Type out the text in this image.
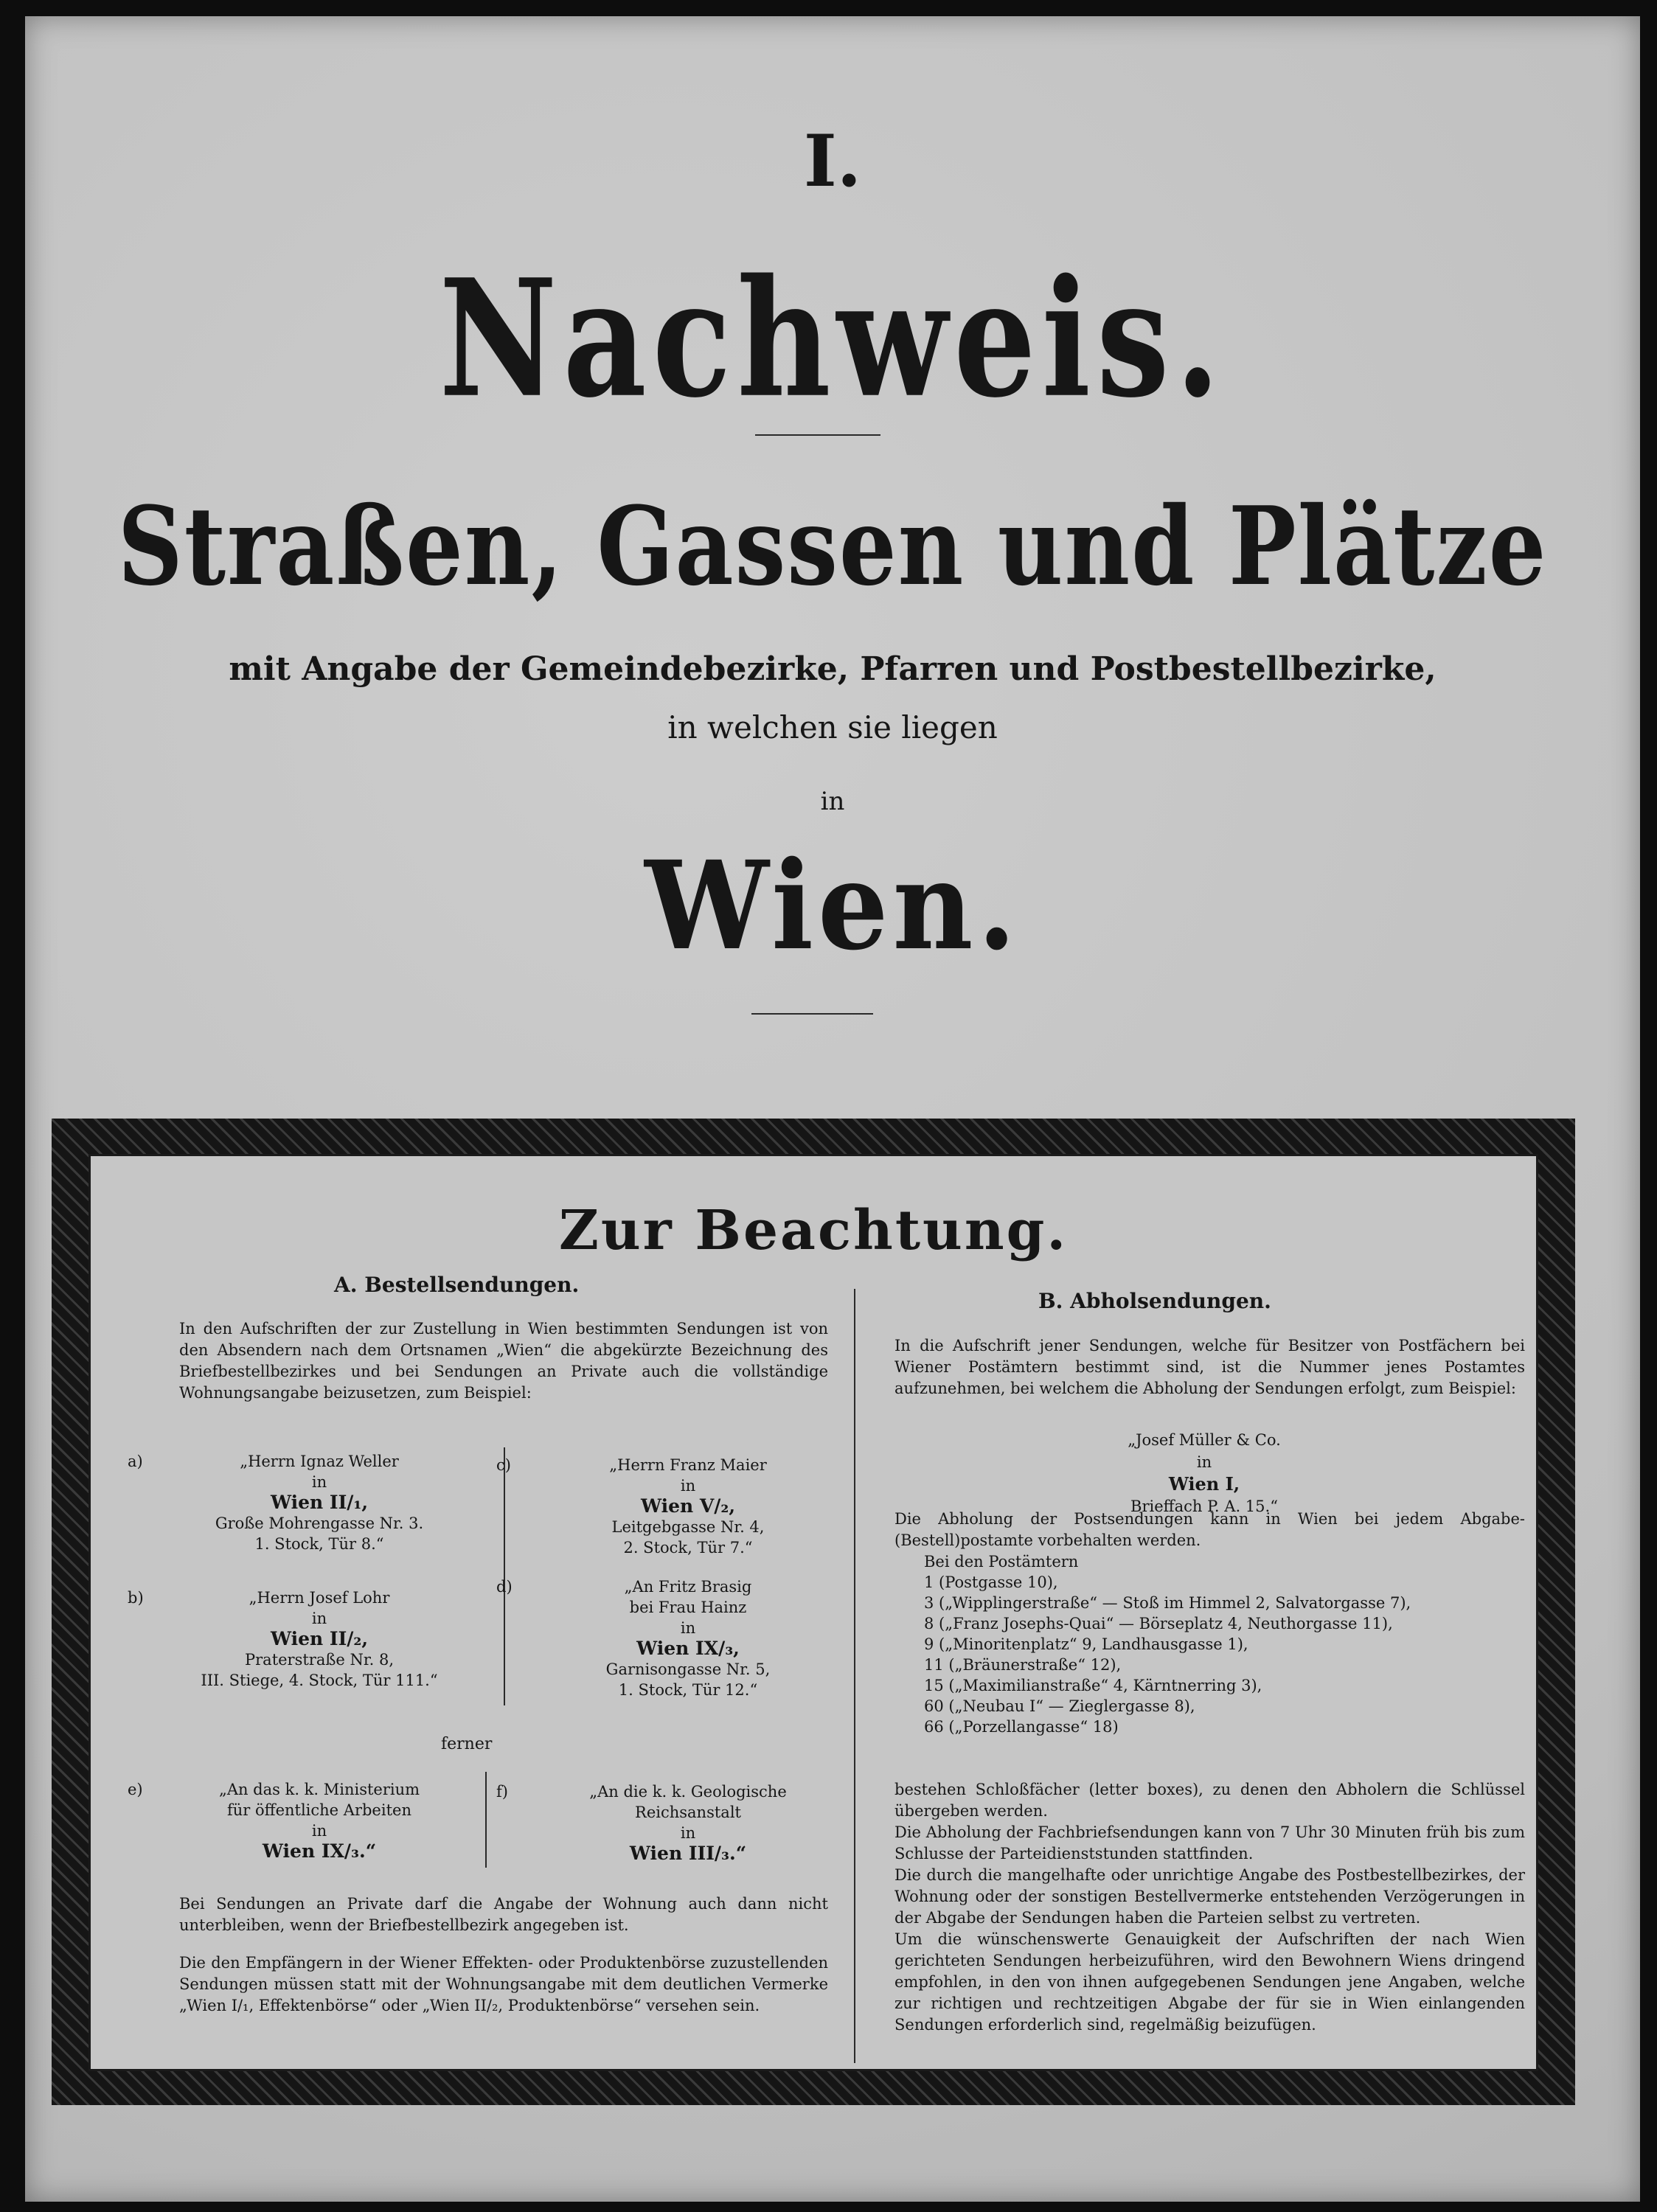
I.
Nachweis.
Straßen, Gassen und Plätze
mit Angabe der Gemeindebezirke, Pfarren und Postbestellbezirke,
in welchen sie liegen
in
Wien.
Zur Beachtung.
A. Bestellsendungen.
In den Aufschriften der zur Zustellung in Wien bestimmten Sendungen ist von den Absendern nach dem Ortsnamen „Wien“ die abgekürzte Bezeichnung des Briefbestellbezirkes und bei Sendungen an Private auch die vollständige Wohnungsangabe beizusetzen, zum Beispiel:
a)	„Herrn Ignaz Weller
in
Wien II/₁,
Große Mohrengasse Nr. 3.
1. Stock, Tür 8.“
c)	„Herrn Franz Maier
in
Wien V/₂,
Leitgebgasse Nr. 4,
2. Stock, Tür 7.“
b)	„Herrn Josef Lohr
in
Wien II/₂,
Praterstraße Nr. 8,
III. Stiege, 4. Stock, Tür 111.“
d)	„An Fritz Brasig
bei Frau Hainz
in
Wien IX/₃,
Garnisongasse Nr. 5,
1. Stock, Tür 12.“
ferner
e)	„An das k. k. Ministerium
für öffentliche Arbeiten
in
Wien IX/₃.“
f)	„An die k. k. Geologische
Reichsanstalt
in
Wien III/₃.“
Bei Sendungen an Private darf die Angabe der Wohnung auch dann nicht unterbleiben, wenn der Briefbestellbezirk angegeben ist.
Die den Empfängern in der Wiener Effekten- oder Produktenbörse zuzustellenden Sendungen müssen statt mit der Wohnungsangabe mit dem deutlichen Vermerke „Wien I/₁, Effektenbörse“ oder „Wien II/₂, Produktenbörse“ versehen sein.
B. Abholsendungen.
In die Aufschrift jener Sendungen, welche für Besitzer von Postfächern bei Wiener Postämtern bestimmt sind, ist die Nummer jenes Postamtes aufzunehmen, bei welchem die Abholung der Sendungen erfolgt, zum Beispiel:
„Josef Müller & Co.
in
Wien I,
Brieffach P. A. 15.“
Die Abholung der Postsendungen kann in Wien bei jedem Abgabe-(Bestell)postamte vorbehalten werden.
Bei den Postämtern
1 (Postgasse 10),
3 („Wipplingerstraße“ — Stoß im Himmel 2, Salvatorgasse 7),
8 („Franz Josephs-Quai“ — Börseplatz 4, Neuthorgasse 11),
9 („Minoritenplatz“ 9, Landhausgasse 1),
11 („Bräunerstraße“ 12),
15 („Maximilianstraße“ 4, Kärntnerring 3),
60 („Neubau I“ — Zieglergasse 8),
66 („Porzellangasse“ 18)
bestehen Schloßfächer (letter boxes), zu denen den Abholern die Schlüssel übergeben werden.
Die Abholung der Fachbriefsendungen kann von 7 Uhr 30 Minuten früh bis zum Schlusse der Parteidienststunden stattfinden.
Die durch die mangelhafte oder unrichtige Angabe des Postbestellbezirkes, der Wohnung oder der sonstigen Bestellvermerke entstehenden Verzögerungen in der Abgabe der Sendungen haben die Parteien selbst zu vertreten.
Um die wünschenswerte Genauigkeit der Aufschriften der nach Wien gerichteten Sendungen herbeizuführen, wird den Bewohnern Wiens dringend empfohlen, in den von ihnen aufgegebenen Sendungen jene Angaben, welche zur richtigen und rechtzeitigen Abgabe der für sie in Wien einlangenden Sendungen erforderlich sind, regelmäßig beizufügen.
